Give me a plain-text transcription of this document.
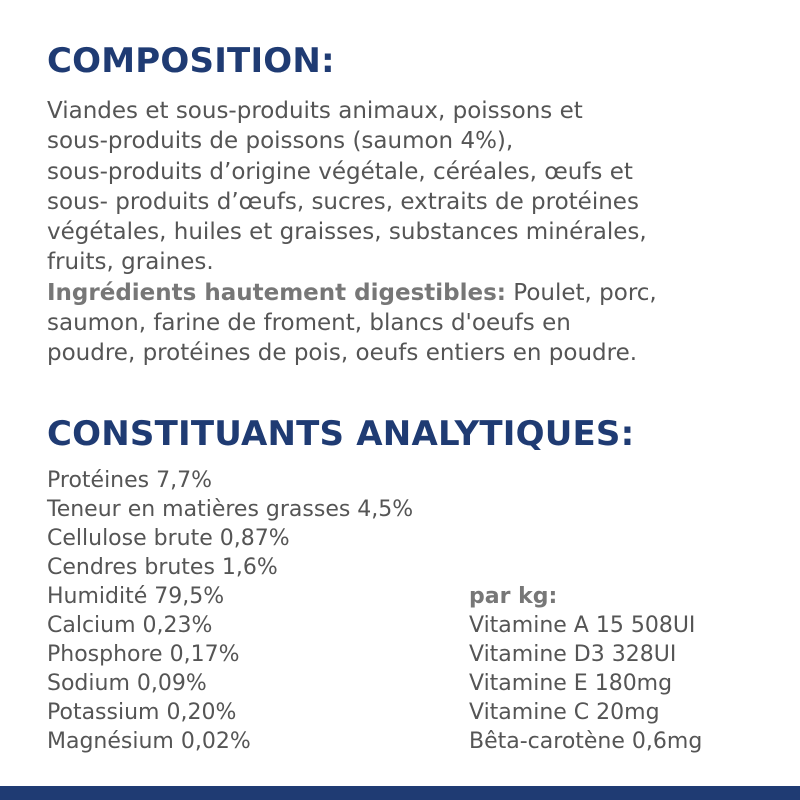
COMPOSITION:
Viandes et sous-produits animaux, poissons et
sous-produits de poissons (saumon 4%),
sous-produits d’origine végétale, céréales, œufs et
sous- produits d’œufs, sucres, extraits de protéines
végétales, huiles et graisses, substances minérales,
fruits, graines.
Ingrédients hautement digestibles: Poulet, porc,
saumon, farine de froment, blancs d'oeufs en
poudre, protéines de pois, oeufs entiers en poudre.
CONSTITUANTS ANALYTIQUES:
Protéines 7,7%
Teneur en matières grasses 4,5%
Cellulose brute 0,87%
Cendres brutes 1,6%
Humidité 79,5%
Calcium 0,23%
Phosphore 0,17%
Sodium 0,09%
Potassium 0,20%
Magnésium 0,02%
par kg:
Vitamine A 15 508UI
Vitamine D3 328UI
Vitamine E 180mg
Vitamine C 20mg
Bêta-carotène 0,6mg
